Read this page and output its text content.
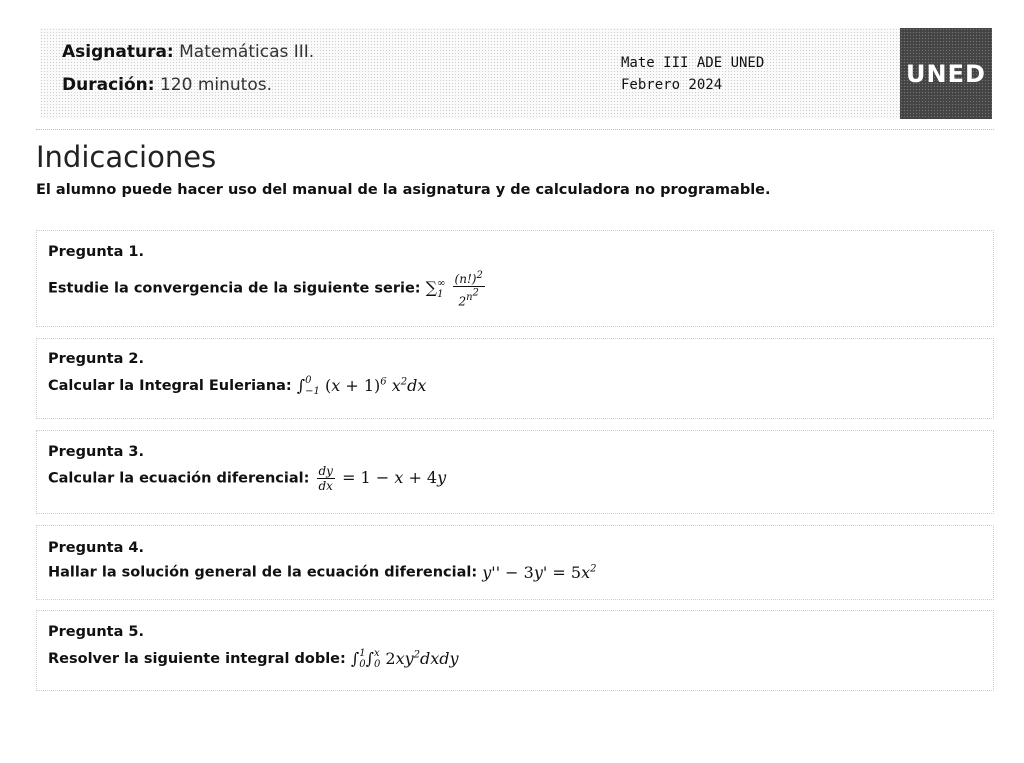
Asignatura: Matemáticas III.
Duración: 120 minutos.
Mate III ADE UNED
Febrero 2024	UNED
Indicaciones

El alumno puede hacer uso del manual de la asignatura y de calculadora no programable.

Pregunta 1.
Estudie la convergencia de la siguiente serie: ∑ ∞
1
$\frac{(n!)^2}{2^{n^2}}$
Pregunta 2.
Calcular la Integral Euleriana: ∫ 0
−1 $(x + 1)^6$ $x^2dx$
Pregunta 3.
Calcular la ecuación diferencial: $\frac{dy}{dx} = 1 - x + 4y$
Pregunta 4.
Hallar la solución general de la ecuación diferencial: $y'' - 3y' = 5x^2$
Pregunta 5.
Resolver la siguiente integral doble: ∫ 1
0 ∫ x
0 $2xy^2dxdy$
